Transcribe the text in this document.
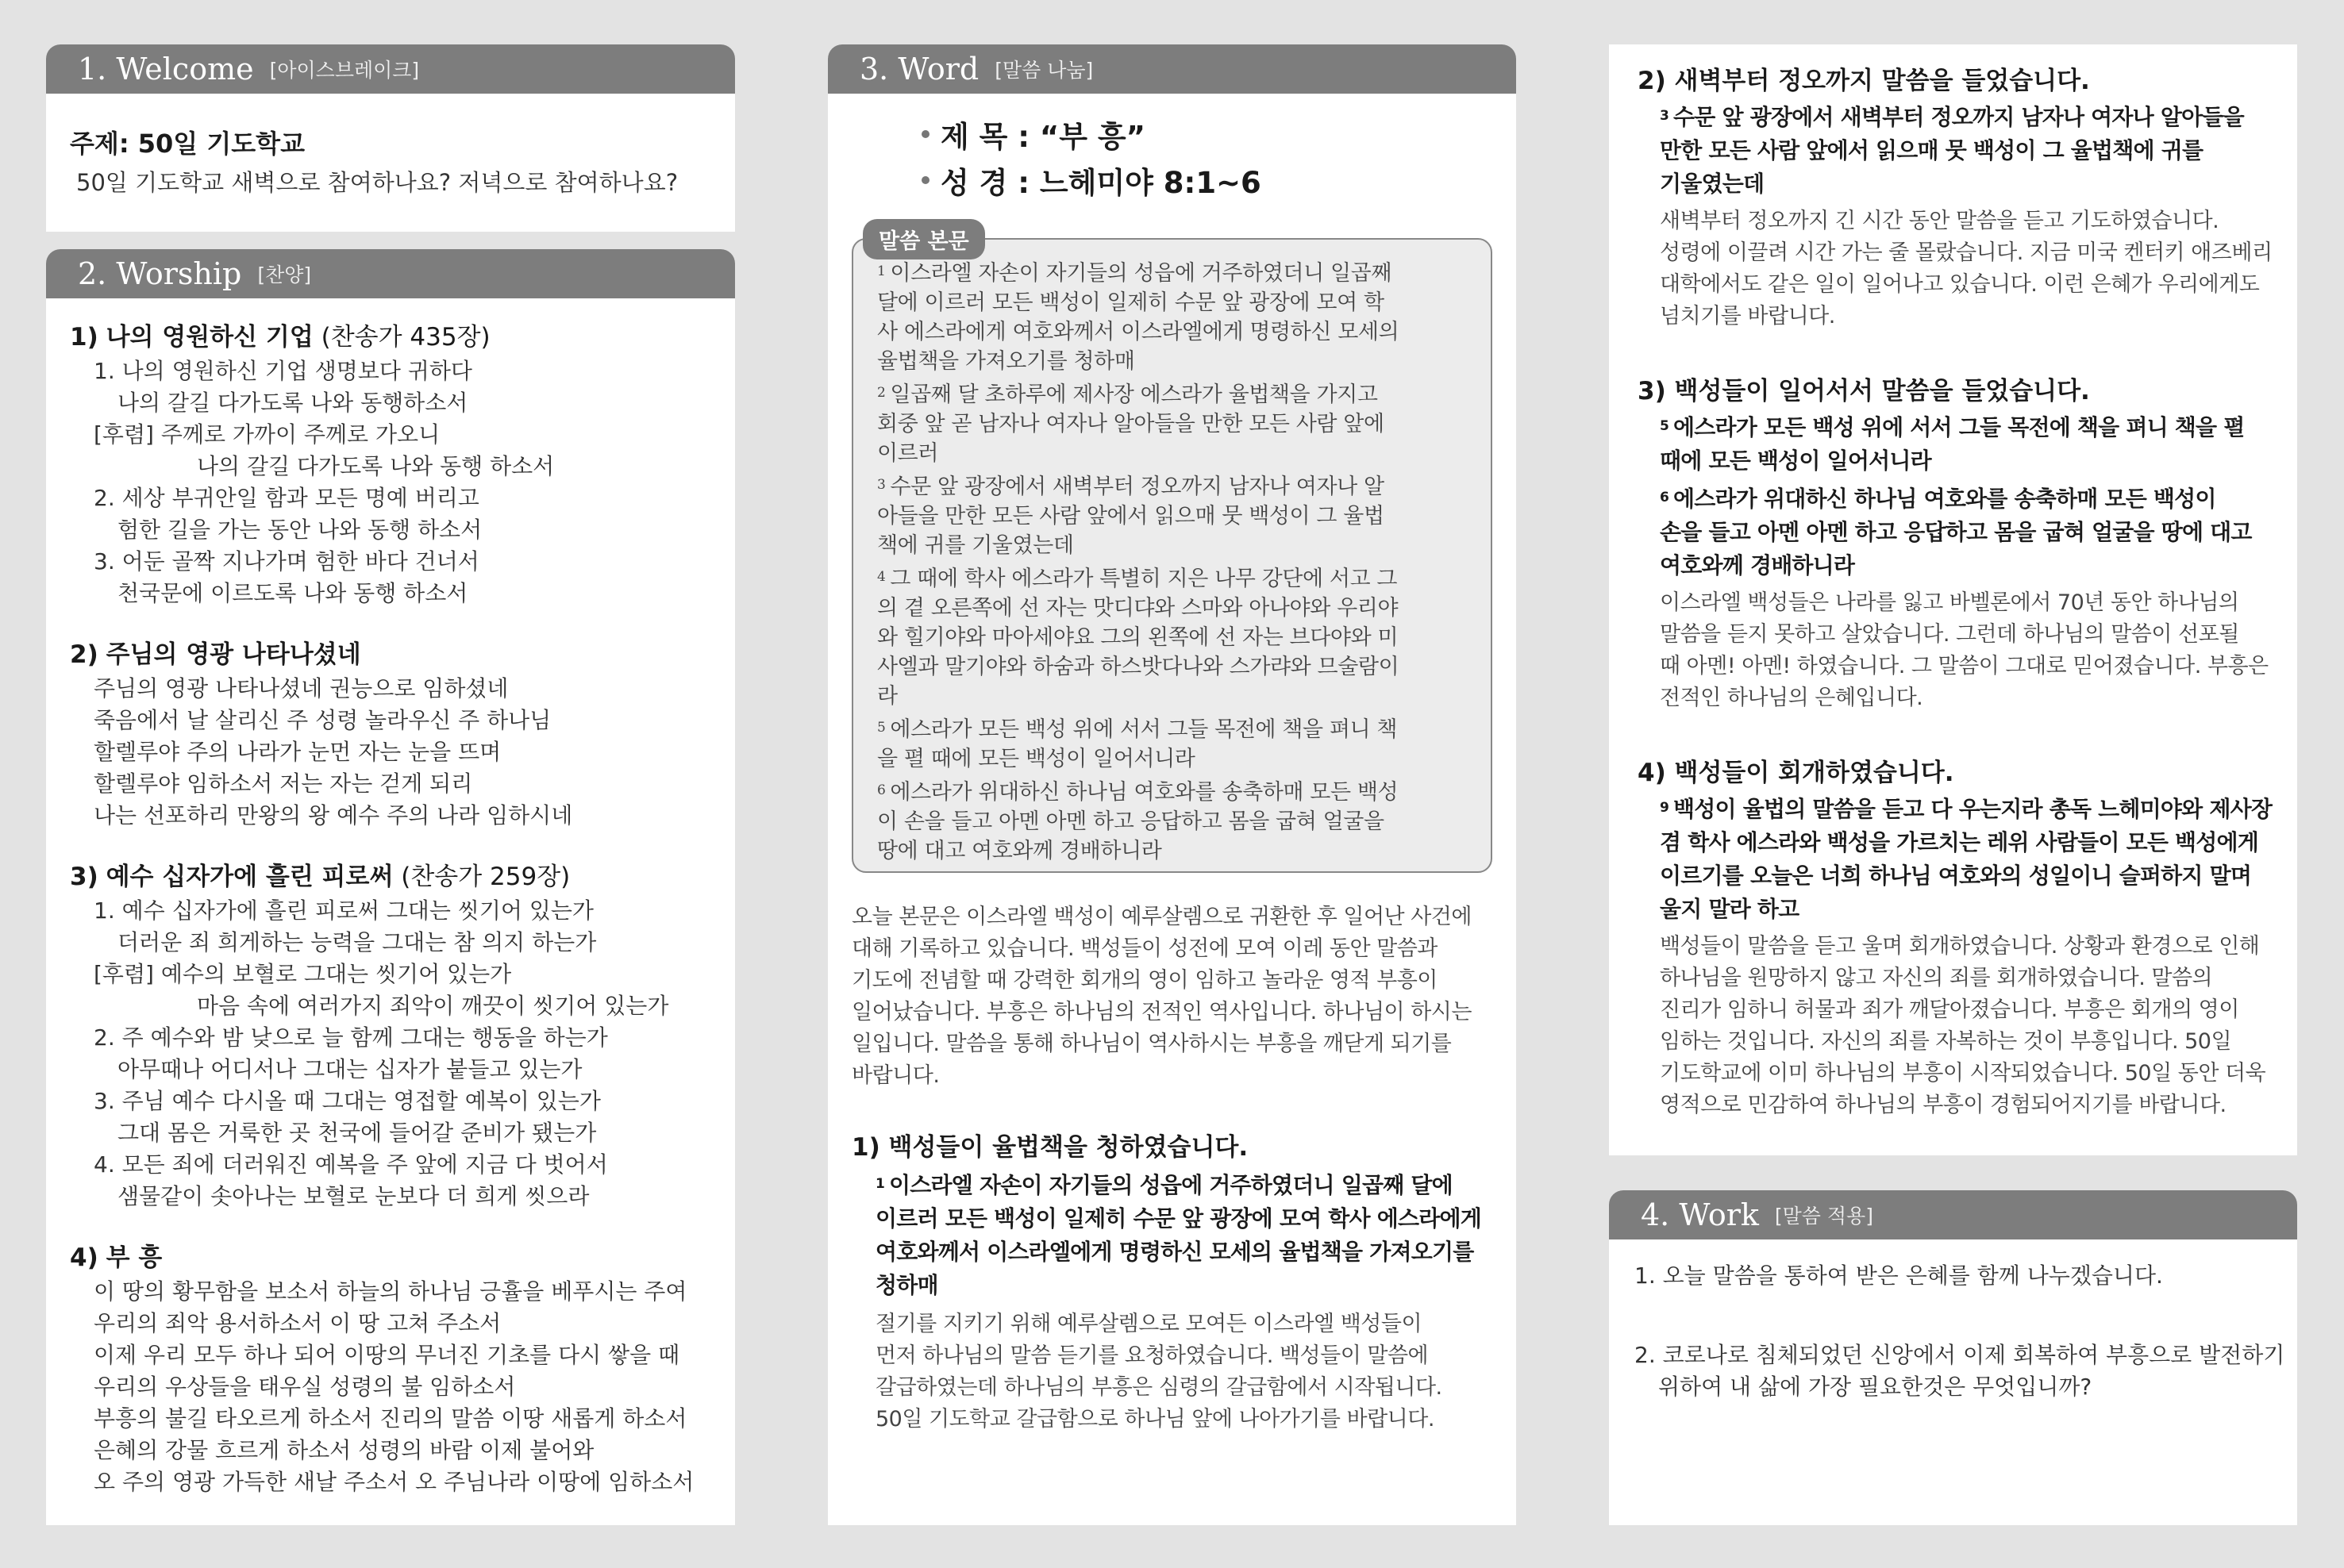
1. Welcome [아이스브레이크]
주제: 50일 기도학교
50일 기도학교 새벽으로 참여하나요? 저녁으로 참여하나요?
2. Worship [찬양]
1) 나의 영원하신 기업 (찬송가 435장)
1. 나의 영원하신 기업 생명보다 귀하다
나의 갈길 다가도록 나와 동행하소서
[후렴] 주께로 가까이 주께로 가오니
나의 갈길 다가도록 나와 동행 하소서
2. 세상 부귀안일 함과 모든 명예 버리고
험한 길을 가는 동안 나와 동행 하소서
3. 어둔 골짝 지나가며 험한 바다 건너서
천국문에 이르도록 나와 동행 하소서
2) 주님의 영광 나타나셨네
주님의 영광 나타나셨네 권능으로 임하셨네
죽음에서 날 살리신 주 성령 놀라우신 주 하나님
할렐루야 주의 나라가 눈먼 자는 눈을 뜨며
할렐루야 임하소서 저는 자는 걷게 되리
나는 선포하리 만왕의 왕 예수 주의 나라 임하시네
3) 예수 십자가에 흘린 피로써 (찬송가 259장)
1. 예수 십자가에 흘린 피로써 그대는 씻기어 있는가
더러운 죄 희게하는 능력을 그대는 참 의지 하는가
[후렴] 예수의 보혈로 그대는 씻기어 있는가
마음 속에 여러가지 죄악이 깨끗이 씻기어 있는가
2. 주 예수와 밤 낮으로 늘 함께 그대는 행동을 하는가
아무때나 어디서나 그대는 십자가 붙들고 있는가
3. 주님 예수 다시올 때 그대는 영접할 예복이 있는가
그대 몸은 거룩한 곳 천국에 들어갈 준비가 됐는가
4. 모든 죄에 더러워진 예복을 주 앞에 지금 다 벗어서
샘물같이 솟아나는 보혈로 눈보다 더 희게 씻으라
4) 부 흥
이 땅의 황무함을 보소서 하늘의 하나님 긍휼을 베푸시는 주여
우리의 죄악 용서하소서 이 땅 고쳐 주소서
이제 우리 모두 하나 되어 이땅의 무너진 기초를 다시 쌓을 때
우리의 우상들을 태우실 성령의 불 임하소서
부흥의 불길 타오르게 하소서 진리의 말씀 이땅 새롭게 하소서
은혜의 강물 흐르게 하소서 성령의 바람 이제 불어와
오 주의 영광 가득한 새날 주소서 오 주님나라 이땅에 임하소서
3. Word [말씀 나눔]
제 목 : “부 흥”
성 경 : 느헤미야 8:1~6
말씀 본문
$^1$ 이스라엘 자손이 자기들의 성읍에 거주하였더니 일곱째
달에 이르러 모든 백성이 일제히 수문 앞 광장에 모여 학
사 에스라에게 여호와께서 이스라엘에게 명령하신 모세의
율법책을 가져오기를 청하매
$^2$ 일곱째 달 초하루에 제사장 에스라가 율법책을 가지고
회중 앞 곧 남자나 여자나 알아들을 만한 모든 사람 앞에
이르러
$^3$ 수문 앞 광장에서 새벽부터 정오까지 남자나 여자나 알
아들을 만한 모든 사람 앞에서 읽으매 뭇 백성이 그 율법
책에 귀를 기울였는데
$^4$ 그 때에 학사 에스라가 특별히 지은 나무 강단에 서고 그
의 곁 오른쪽에 선 자는 맛디댜와 스마와 아나야와 우리야
와 힐기야와 마아세야요 그의 왼쪽에 선 자는 브다야와 미
사엘과 말기야와 하숨과 하스밧다나와 스가랴와 므술람이
라
$^5$ 에스라가 모든 백성 위에 서서 그들 목전에 책을 펴니 책
을 펼 때에 모든 백성이 일어서니라
$^6$ 에스라가 위대하신 하나님 여호와를 송축하매 모든 백성
이 손을 들고 아멘 아멘 하고 응답하고 몸을 굽혀 얼굴을
땅에 대고 여호와께 경배하니라
오늘 본문은 이스라엘 백성이 예루살렘으로 귀환한 후 일어난 사건에
대해 기록하고 있습니다. 백성들이 성전에 모여 이레 동안 말씀과
기도에 전념할 때 강력한 회개의 영이 임하고 놀라운 영적 부흥이
일어났습니다. 부흥은 하나님의 전적인 역사입니다. 하나님이 하시는
일입니다. 말씀을 통해 하나님이 역사하시는 부흥을 깨닫게 되기를
바랍니다.
1) 백성들이 율법책을 청하였습니다.
$^1$ 이스라엘 자손이 자기들의 성읍에 거주하였더니 일곱째 달에
이르러 모든 백성이 일제히 수문 앞 광장에 모여 학사 에스라에게
여호와께서 이스라엘에게 명령하신 모세의 율법책을 가져오기를
청하매
절기를 지키기 위해 예루살렘으로 모여든 이스라엘 백성들이
먼저 하나님의 말씀 듣기를 요청하였습니다. 백성들이 말씀에
갈급하였는데 하나님의 부흥은 심령의 갈급함에서 시작됩니다.
50일 기도학교 갈급함으로 하나님 앞에 나아가기를 바랍니다.
2) 새벽부터 정오까지 말씀을 들었습니다.
$^3$ 수문 앞 광장에서 새벽부터 정오까지 남자나 여자나 알아들을
만한 모든 사람 앞에서 읽으매 뭇 백성이 그 율법책에 귀를
기울였는데
새벽부터 정오까지 긴 시간 동안 말씀을 듣고 기도하였습니다.
성령에 이끌려 시간 가는 줄 몰랐습니다. 지금 미국 켄터키 애즈베리
대학에서도 같은 일이 일어나고 있습니다. 이런 은혜가 우리에게도
넘치기를 바랍니다.
3) 백성들이 일어서서 말씀을 들었습니다.
$^5$ 에스라가 모든 백성 위에 서서 그들 목전에 책을 펴니 책을 펼
때에 모든 백성이 일어서니라
$^6$ 에스라가 위대하신 하나님 여호와를 송축하매 모든 백성이
손을 들고 아멘 아멘 하고 응답하고 몸을 굽혀 얼굴을 땅에 대고
여호와께 경배하니라
이스라엘 백성들은 나라를 잃고 바벨론에서 70년 동안 하나님의
말씀을 듣지 못하고 살았습니다. 그런데 하나님의 말씀이 선포될
때 아멘! 아멘! 하였습니다. 그 말씀이 그대로 믿어졌습니다. 부흥은
전적인 하나님의 은혜입니다.
4) 백성들이 회개하였습니다.
$^9$ 백성이 율법의 말씀을 듣고 다 우는지라 총독 느헤미야와 제사장
겸 학사 에스라와 백성을 가르치는 레위 사람들이 모든 백성에게
이르기를 오늘은 너희 하나님 여호와의 성일이니 슬퍼하지 말며
울지 말라 하고
백성들이 말씀을 듣고 울며 회개하였습니다. 상황과 환경으로 인해
하나님을 원망하지 않고 자신의 죄를 회개하였습니다. 말씀의
진리가 임하니 허물과 죄가 깨달아졌습니다. 부흥은 회개의 영이
임하는 것입니다. 자신의 죄를 자복하는 것이 부흥입니다. 50일
기도학교에 이미 하나님의 부흥이 시작되었습니다. 50일 동안 더욱
영적으로 민감하여 하나님의 부흥이 경험되어지기를 바랍니다.
4. Work [말씀 적용]
1. 오늘 말씀을 통하여 받은 은혜를 함께 나누겠습니다.
2. 코로나로 침체되었던 신앙에서 이제 회복하여 부흥으로 발전하기
위하여 내 삶에 가장 필요한것은 무엇입니까?
